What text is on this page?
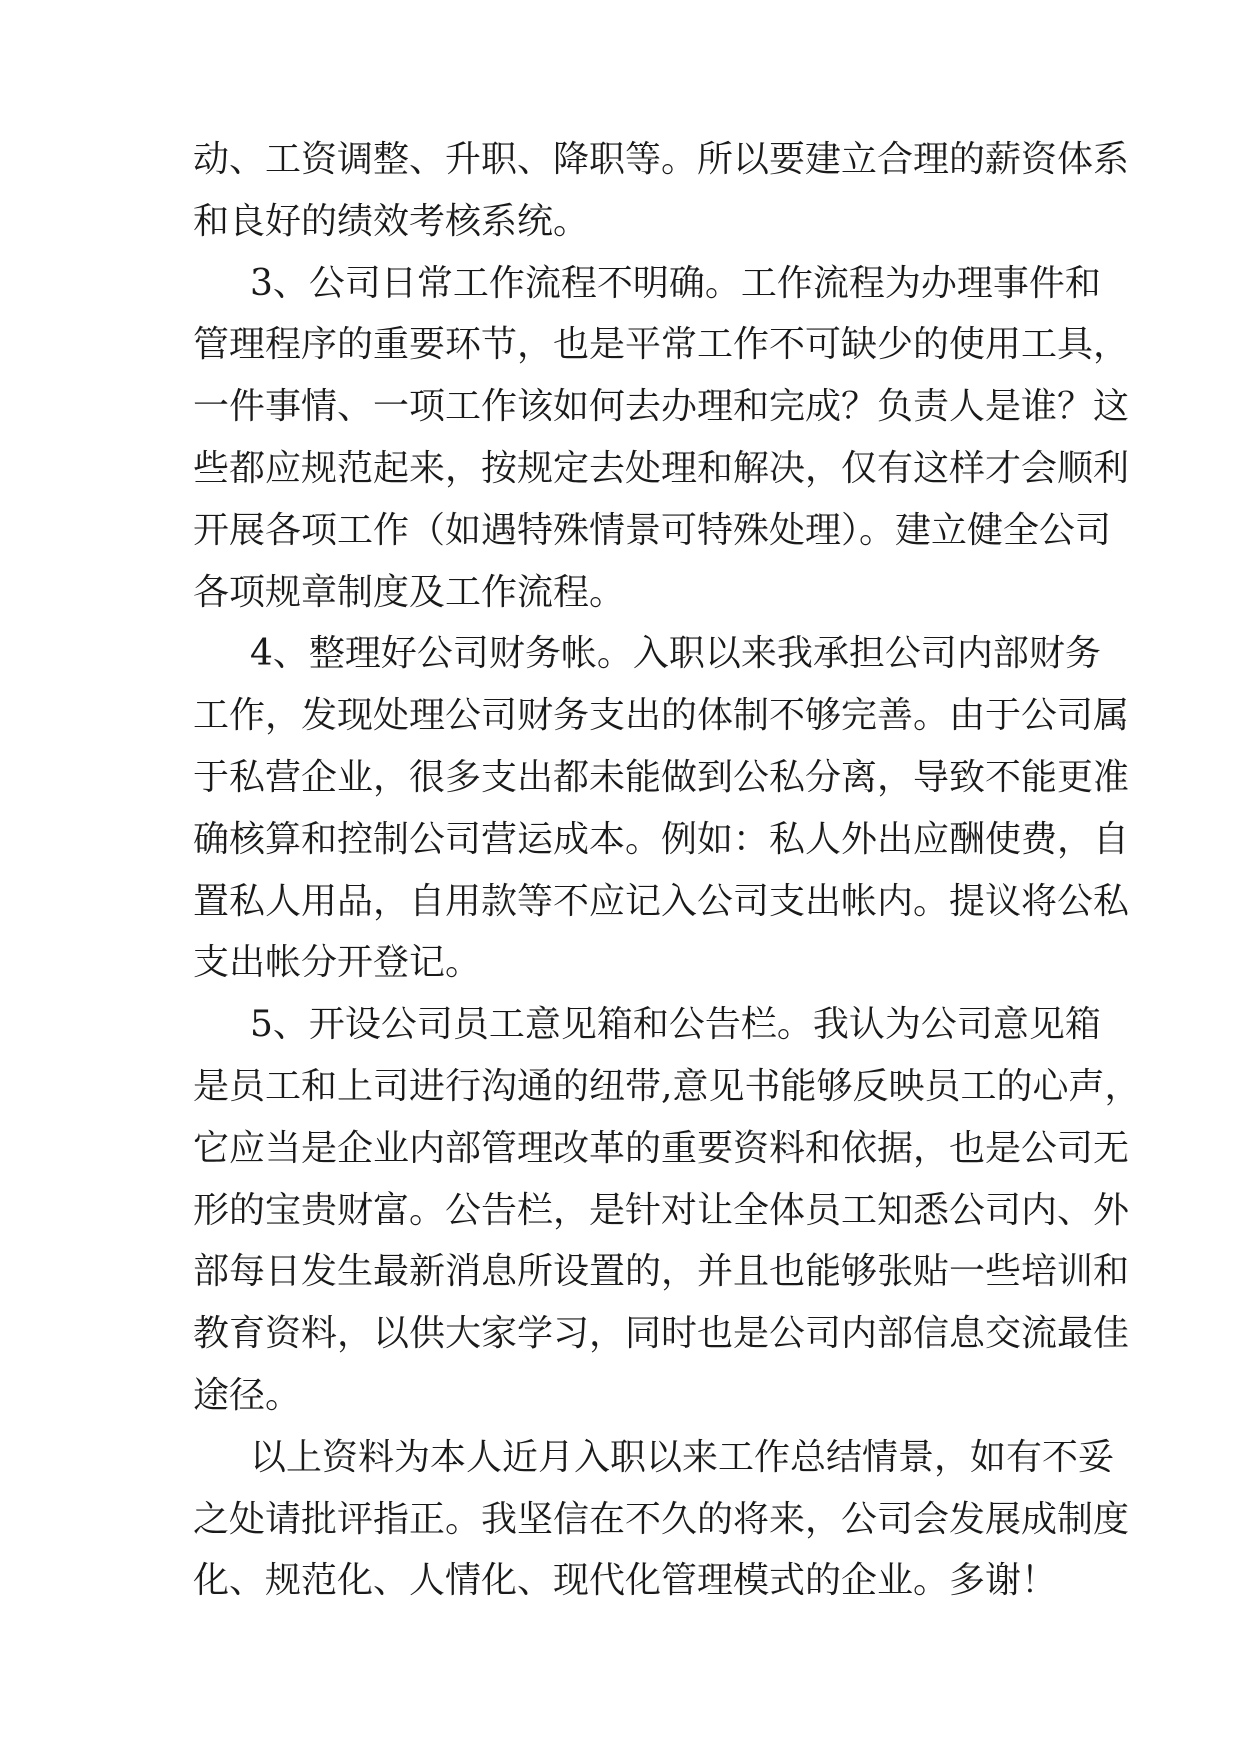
动、工资调整、升职、降职等。所以要建立合理的薪资体系
和良好的绩效考核系统。
3、公司日常工作流程不明确。工作流程为办理事件和
管理程序的重要环节，也是平常工作不可缺少的使用工具，
一件事情、一项工作该如何去办理和完成？负责人是谁？这
些都应规范起来，按规定去处理和解决，仅有这样才会顺利
开展各项工作（如遇特殊情景可特殊处理）。建立健全公司
各项规章制度及工作流程。
4、整理好公司财务帐。入职以来我承担公司内部财务
工作，发现处理公司财务支出的体制不够完善。由于公司属
于私营企业，很多支出都未能做到公私分离，导致不能更准
确核算和控制公司营运成本。例如：私人外出应酬使费，自
置私人用品，自用款等不应记入公司支出帐内。提议将公私
支出帐分开登记。
5、开设公司员工意见箱和公告栏。我认为公司意见箱
是员工和上司进行沟通的纽带,意见书能够反映员工的心声，
它应当是企业内部管理改革的重要资料和依据，也是公司无
形的宝贵财富。公告栏，是针对让全体员工知悉公司内、外
部每日发生最新消息所设置的，并且也能够张贴一些培训和
教育资料，以供大家学习，同时也是公司内部信息交流最佳
途径。
以上资料为本人近月入职以来工作总结情景，如有不妥
之处请批评指正。我坚信在不久的将来，公司会发展成制度
化、规范化、人情化、现代化管理模式的企业。多谢！
